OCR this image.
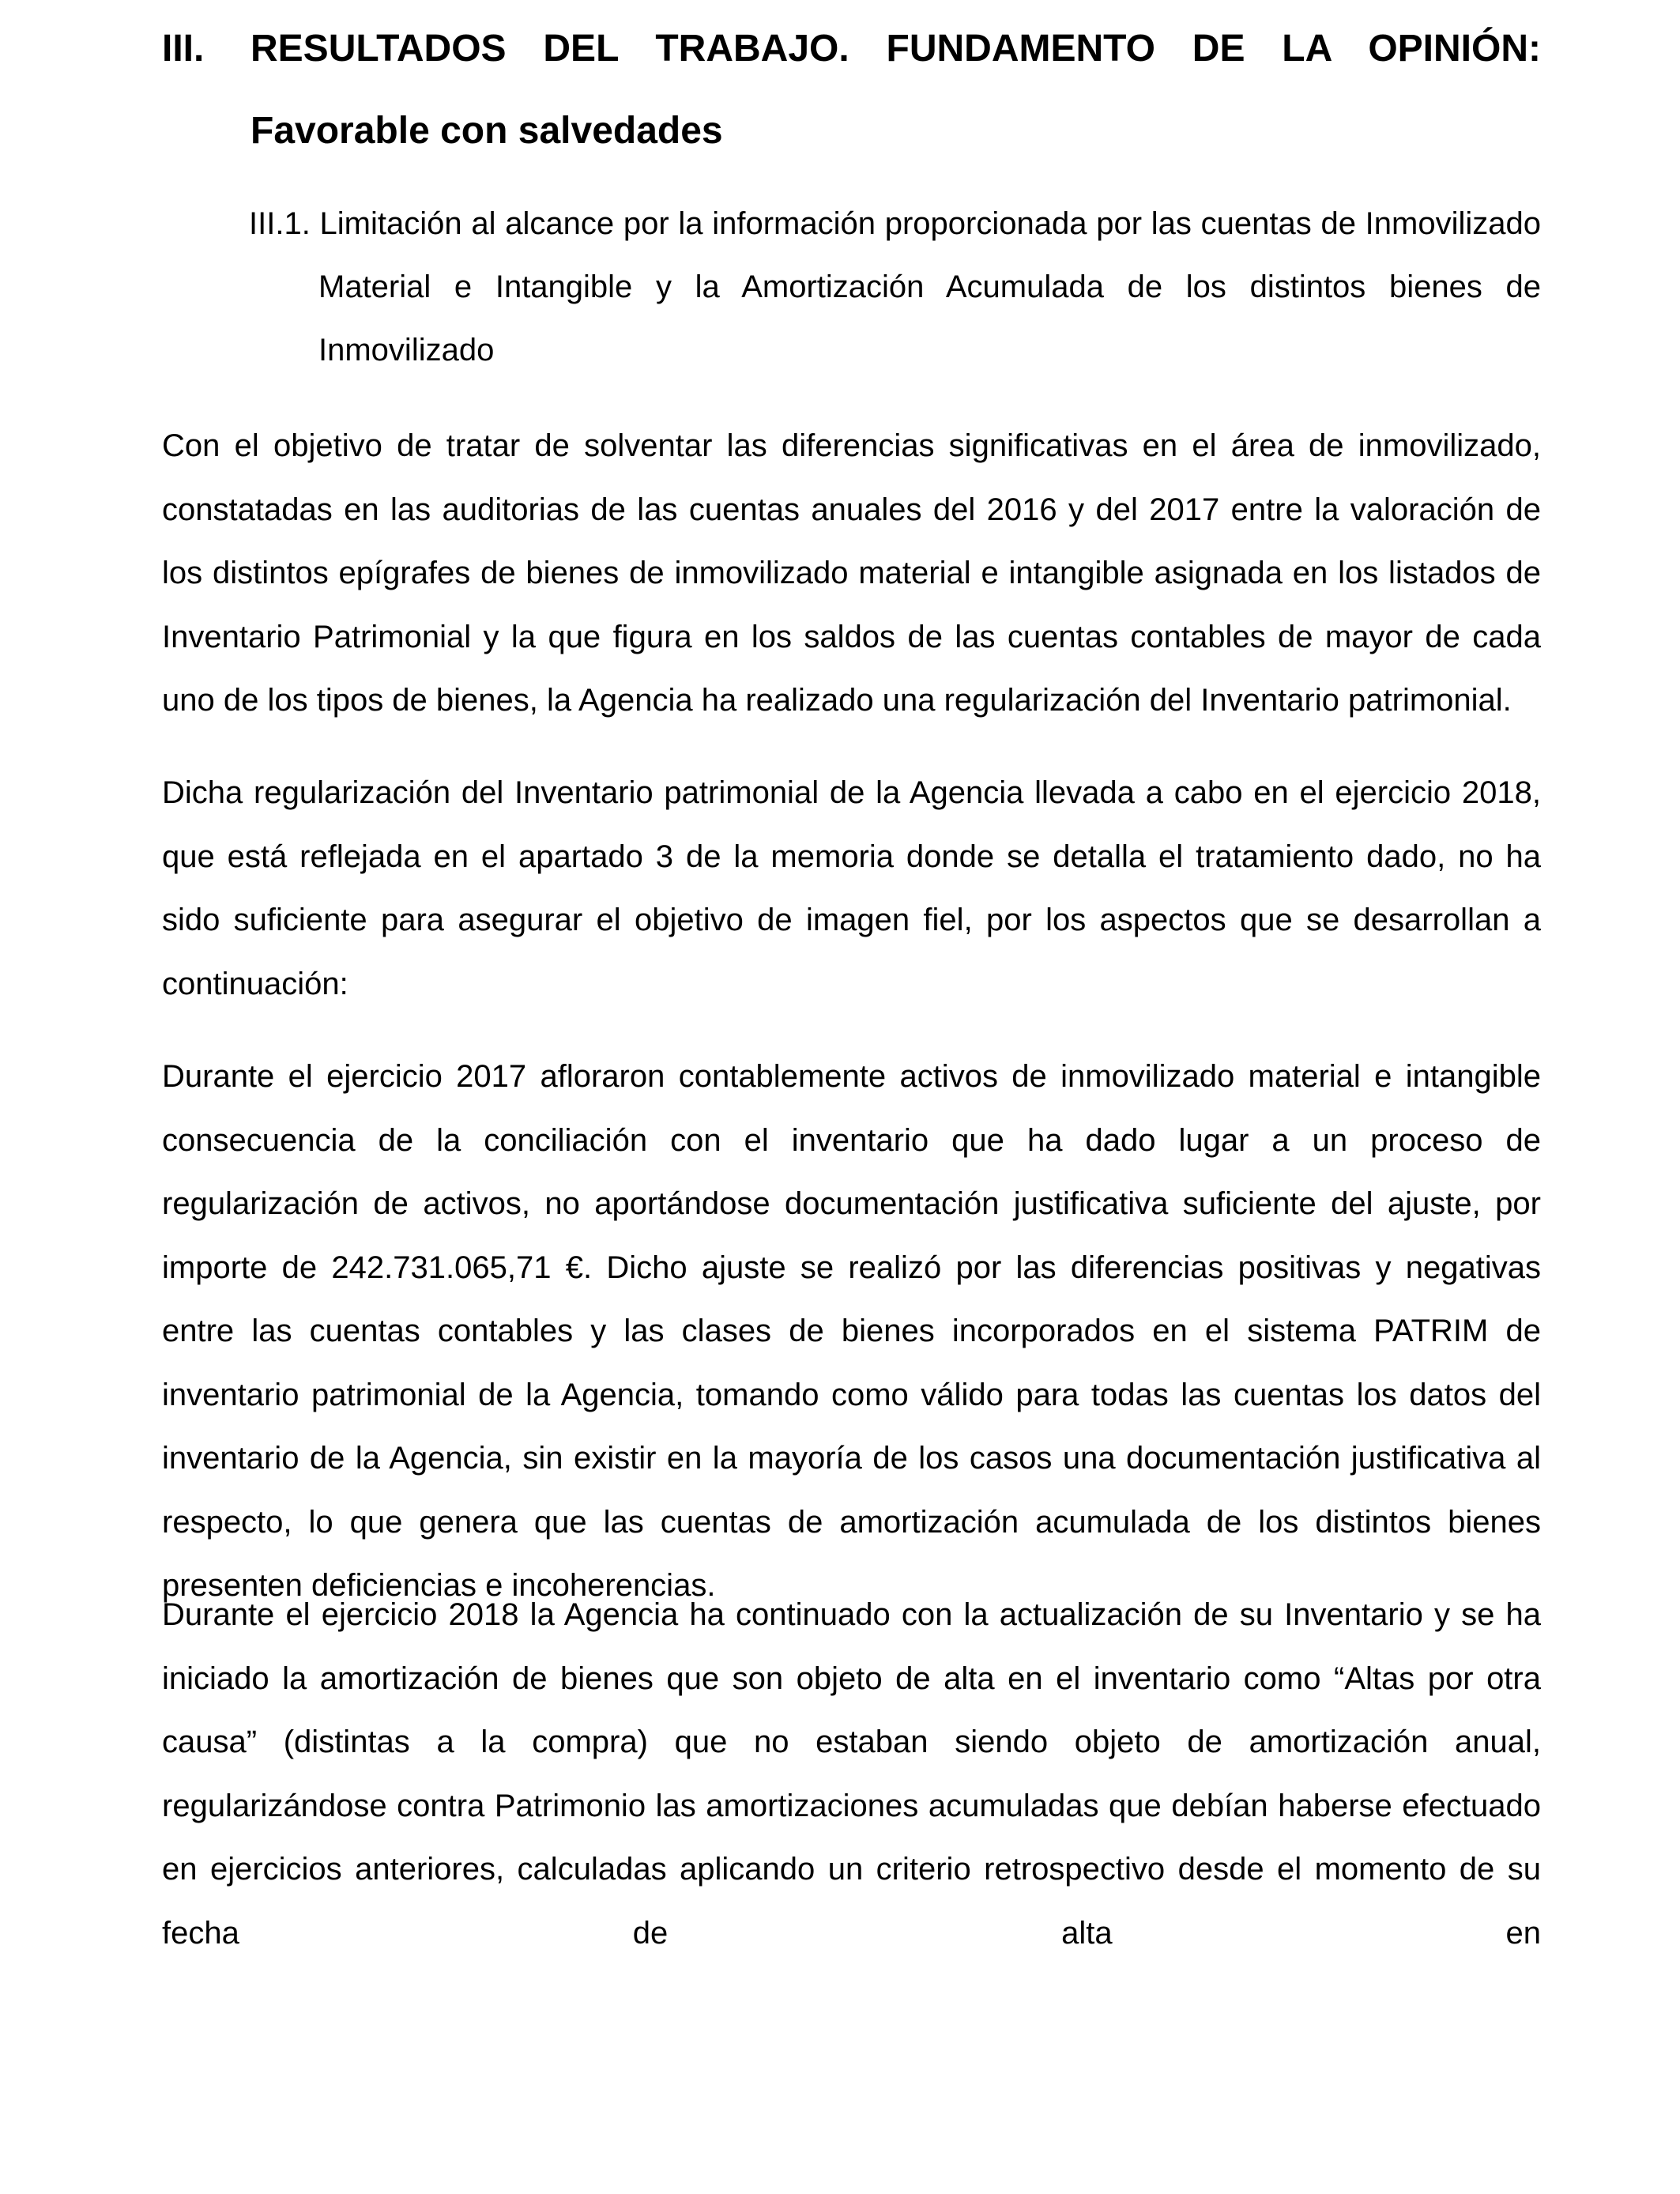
III. RESULTADOS DEL TRABAJO. FUNDAMENTO DE LA OPINIÓN: Favorable con salvedades
III.1. Limitación al alcance por la información proporcionada por las cuentas de Inmovilizado Material e Intangible y la Amortización Acumulada de los distintos bienes de Inmovilizado

Con el objetivo de tratar de solventar las diferencias significativas en el área de inmovilizado, constatadas en las auditorias de las cuentas anuales del 2016 y del 2017 entre la valoración de los distintos epígrafes de bienes de inmovilizado material e intangible asignada en los listados de Inventario Patrimonial y la que figura en los saldos de las cuentas contables de mayor de cada uno de los tipos de bienes, la Agencia ha realizado una regularización del Inventario patrimonial.

Dicha regularización del Inventario patrimonial de la Agencia llevada a cabo en el ejercicio 2018, que está reflejada en el apartado 3 de la memoria donde se detalla el tratamiento dado, no ha sido suficiente para asegurar el objetivo de imagen fiel, por los aspectos que se desarrollan a continuación:

Durante el ejercicio 2017 afloraron contablemente activos de inmovilizado material e intangible consecuencia de la conciliación con el inventario que ha dado lugar a un proceso de regularización de activos, no aportándose documentación justificativa suficiente del ajuste, por importe de 242.731.065,71 €. Dicho ajuste se realizó por las diferencias positivas y negativas entre las cuentas contables y las clases de bienes incorporados en el sistema PATRIM de inventario patrimonial de la Agencia, tomando como válido para todas las cuentas los datos del inventario de la Agencia, sin existir en la mayoría de los casos una documentación justificativa al respecto, lo que genera que las cuentas de amortización acumulada de los distintos bienes presenten deficiencias e incoherencias.

Durante el ejercicio 2018 la Agencia ha continuado con la actualización de su Inventario y se ha iniciado la amortización de bienes que son objeto de alta en el inventario como “Altas por otra causa” (distintas a la compra) que no estaban siendo objeto de amortización anual, regularizándose contra Patrimonio las amortizaciones acumuladas que debían haberse efectuado en ejercicios anteriores, calculadas aplicando un criterio retrospectivo desde el momento de su fecha de alta en
